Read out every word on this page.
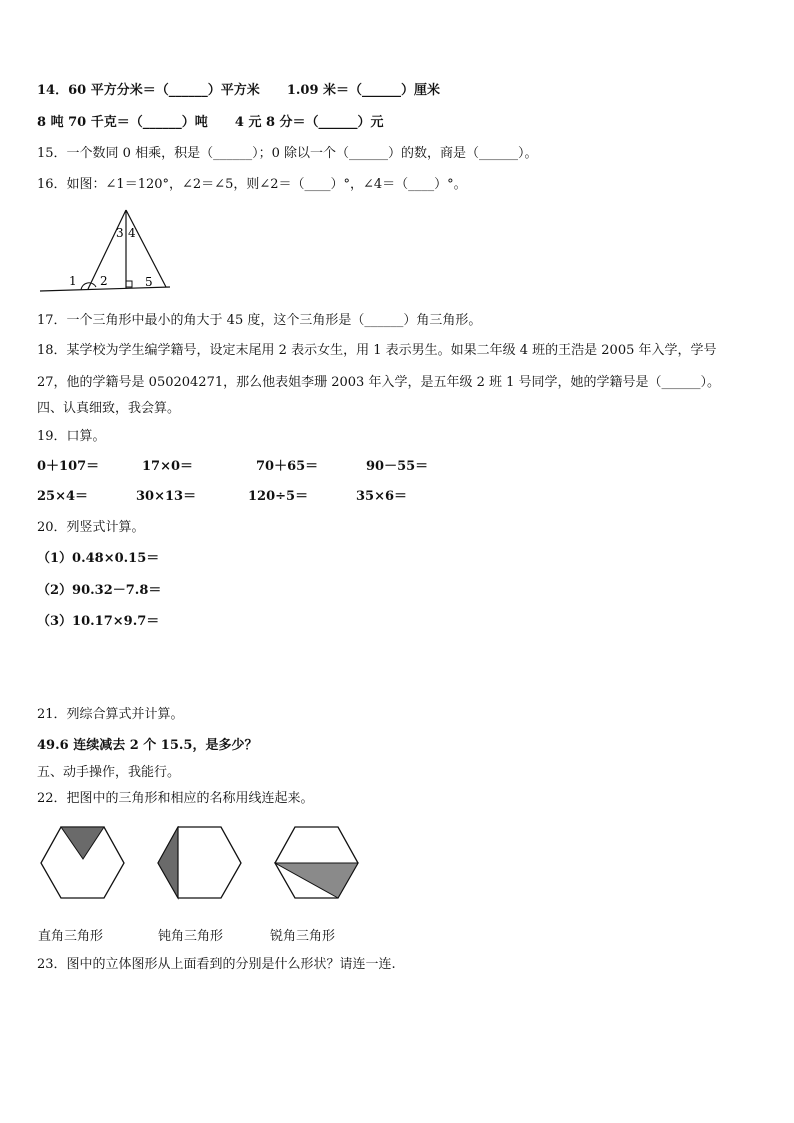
14．60 平方分米＝（______）平方米      1.09 米＝（______）厘米
8 吨 70 千克＝（______）吨      4 元 8 分＝（______）元
15．一个数同 0 相乘，积是（______）；0 除以一个（______）的数，商是（______）。
16．如图：∠1＝120°，∠2＝∠5，则∠2＝（____）°，∠4＝（____）°。
3 4
1 2	5
17．一个三角形中最小的角大于 45 度，这个三角形是（______）角三角形。
18．某学校为学生编学籍号，设定末尾用 2 表示女生，用 1 表示男生。如果二年级 4 班的王浩是 2005 年入学，学号
27，他的学籍号是 050204271，那么他表姐李珊 2003 年入学，是五年级 2 班 1 号同学，她的学籍号是（______）。
四、认真细致，我会算。
19．口算。
0＋107＝	17×0＝	70＋65＝	90－55＝
25×4＝	30×13＝	120÷5＝	35×6＝
20．列竖式计算。
（1）0.48×0.15＝
（2）90.32－7.8＝
（3）10.17×9.7＝
21．列综合算式并计算。
49.6 连续减去 2 个 15.5，是多少？
五、动手操作，我能行。
22．把图中的三角形和相应的名称用线连起来。
直角三角形	钝角三角形	锐角三角形
23．图中的立体图形从上面看到的分别是什么形状？请连一连.
